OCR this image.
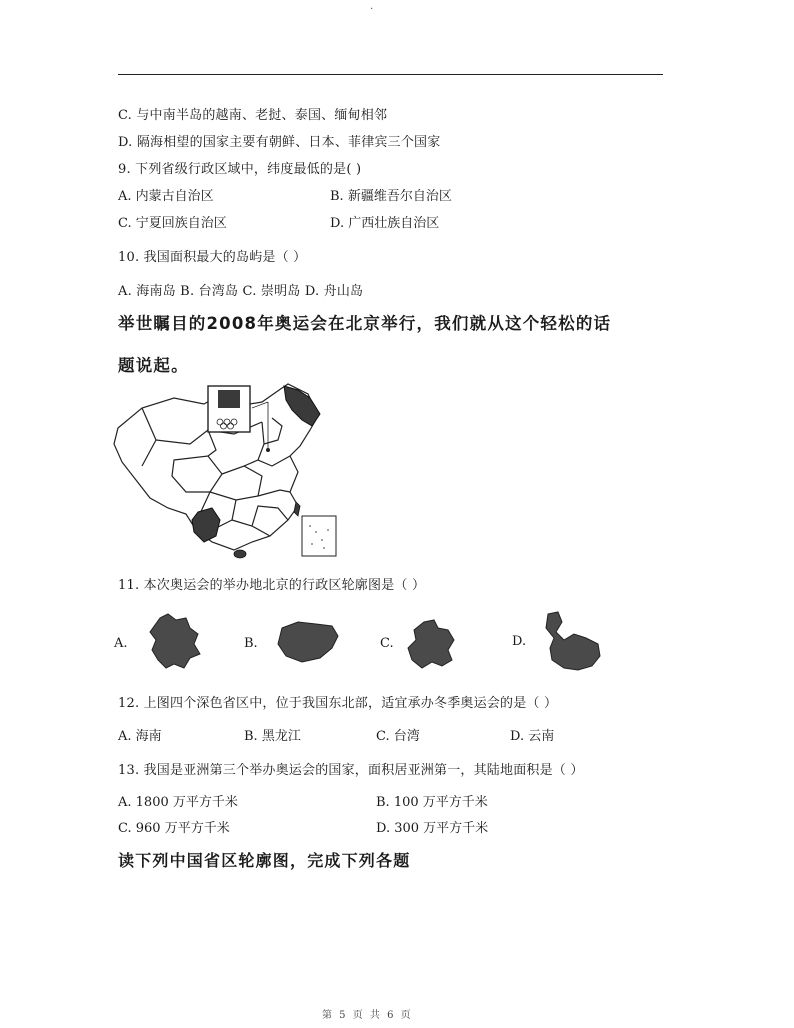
·
C. 与中南半岛的越南、老挝、泰国、缅甸相邻
D. 隔海相望的国家主要有朝鲜、日本、菲律宾三个国家
9. 下列省级行政区域中，纬度最低的是( )
A. 内蒙古自治区	B. 新疆维吾尔自治区
C. 宁夏回族自治区	D. 广西壮族自治区
10. 我国面积最大的岛屿是（ ）
A. 海南岛 B. 台湾岛 C. 崇明岛 D. 舟山岛
举世瞩目的2008年奥运会在北京举行，我们就从这个轻松的话
题说起。
11. 本次奥运会的举办地北京的行政区轮廓图是（ ）
A.	B.	C.	D.
12. 上图四个深色省区中，位于我国东北部，适宜承办冬季奥运会的是（ ）
A. 海南	B. 黑龙江	C. 台湾	D. 云南
13. 我国是亚洲第三个举办奥运会的国家，面积居亚洲第一，其陆地面积是（ ）
A. 1800 万平方千米	B. 100 万平方千米
C. 960 万平方千米	D. 300 万平方千米
读下列中国省区轮廓图，完成下列各题
第 5 页 共 6 页
